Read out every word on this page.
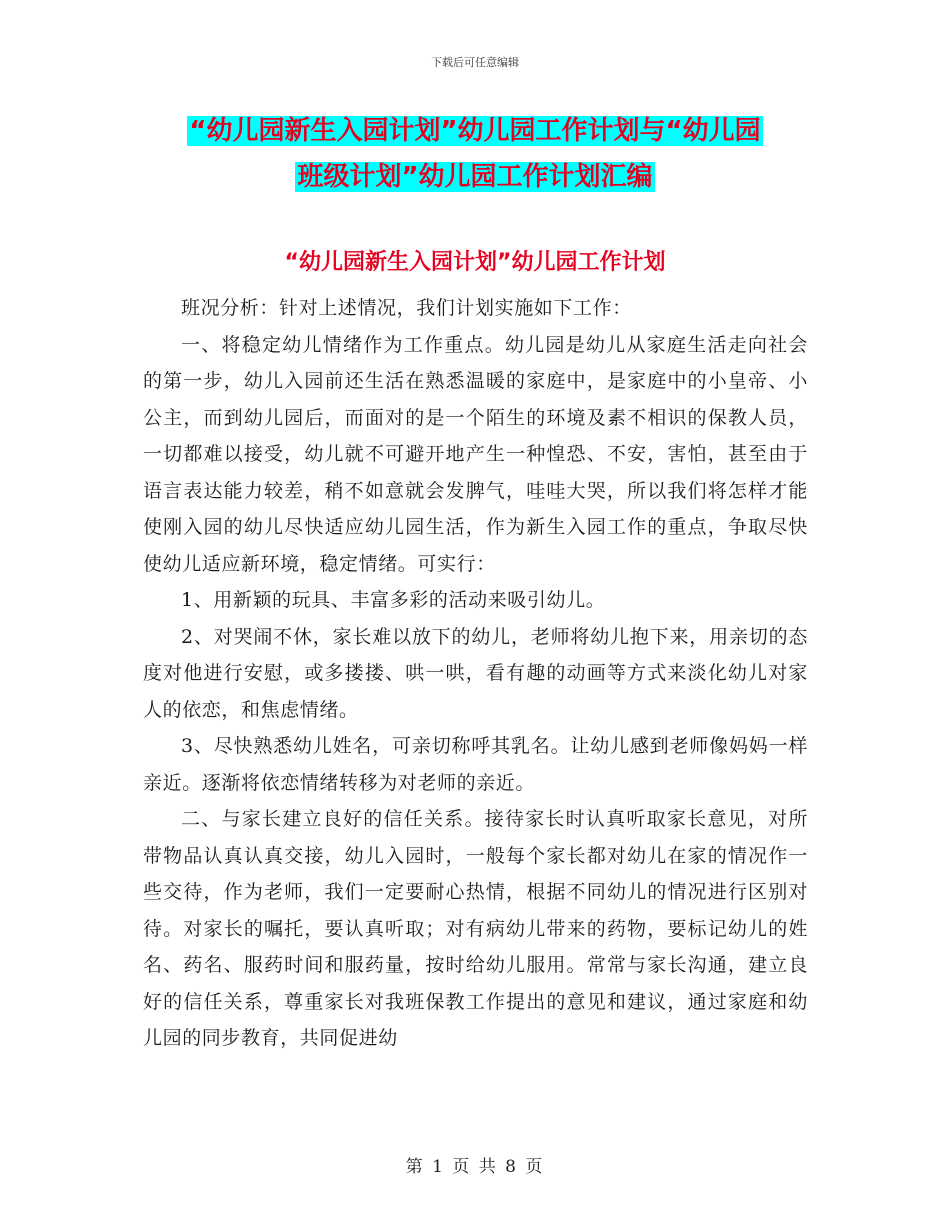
下载后可任意编辑
“幼儿园新生入园计划”幼儿园工作计划与“幼儿园
班级计划”幼儿园工作计划汇编
“幼儿园新生入园计划”幼儿园工作计划

班况分析：针对上述情况，我们计划实施如下工作：

一、将稳定幼儿情绪作为工作重点。幼儿园是幼儿从家庭生活走向社会的第一步，幼儿入园前还生活在熟悉温暖的家庭中，是家庭中的小皇帝、小公主，而到幼儿园后，而面对的是一个陌生的环境及素不相识的保教人员，一切都难以接受，幼儿就不可避开地产生一种惶恐、不安，害怕，甚至由于语言表达能力较差，稍不如意就会发脾气，哇哇大哭，所以我们将怎样才能使刚入园的幼儿尽快适应幼儿园生活，作为新生入园工作的重点，争取尽快使幼儿适应新环境，稳定情绪。可实行：

1、用新颖的玩具、丰富多彩的活动来吸引幼儿。

2、对哭闹不休，家长难以放下的幼儿，老师将幼儿抱下来，用亲切的态度对他进行安慰，或多搂搂、哄一哄，看有趣的动画等方式来淡化幼儿对家人的依恋，和焦虑情绪。

3、尽快熟悉幼儿姓名，可亲切称呼其乳名。让幼儿感到老师像妈妈一样亲近。逐渐将依恋情绪转移为对老师的亲近。

二、与家长建立良好的信任关系。接待家长时认真听取家长意见，对所带物品认真认真交接，幼儿入园时，一般每个家长都对幼儿在家的情况作一些交待，作为老师，我们一定要耐心热情，根据不同幼儿的情况进行区别对待。对家长的嘱托，要认真听取；对有病幼儿带来的药物，要标记幼儿的姓名、药名、服药时间和服药量，按时给幼儿服用。常常与家长沟通，建立良好的信任关系，尊重家长对我班保教工作提出的意见和建议，通过家庭和幼儿园的同步教育，共同促进幼

第 1 页 共 8 页
